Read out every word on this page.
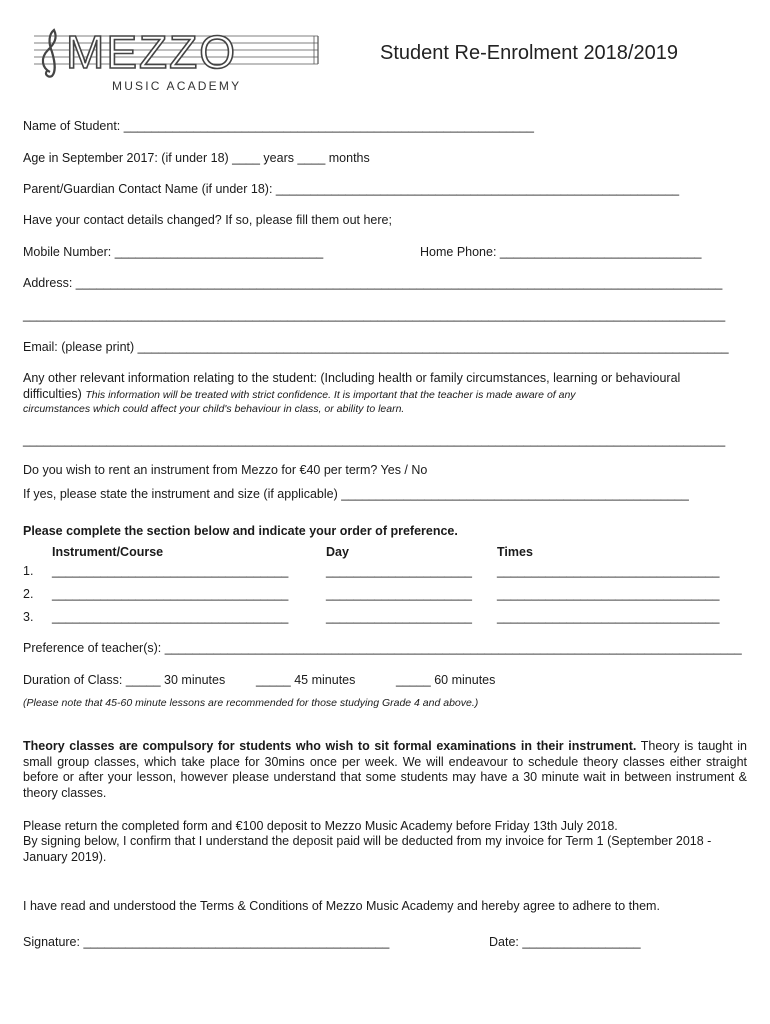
MEZZO
MUSIC ACADEMY
Student Re-Enrolment 2018/2019
Name of Student: ___________________________________________________________
Age in September 2017: (if under 18) ____ years ____ months
Parent/Guardian Contact Name (if under 18): __________________________________________________________
Have your contact details changed? If so, please fill them out here;
Mobile Number: ______________________________	Home Phone: _____________________________
Address: _____________________________________________________________________________________________
_____________________________________________________________________________________________________
Email: (please print) _____________________________________________________________________________________
Any other relevant information relating to the student: (Including health or family circumstances, learning or behavioural
difficulties) This information will be treated with strict confidence. It is important that the teacher is made aware of any
circumstances which could affect your child's behaviour in class, or ability to learn.
_____________________________________________________________________________________________________
Do you wish to rent an instrument from Mezzo for €40 per term? Yes / No
If yes, please state the instrument and size (if applicable) __________________________________________________
Please complete the section below and indicate your order of preference.
Instrument/Course	Day	Times
1. __________________________________	_____________________ ________________________________
2. __________________________________	_____________________ ________________________________
3. __________________________________	_____________________ ________________________________
Preference of teacher(s): ___________________________________________________________________________________
Duration of Class: _____ 30 minutes _____ 45 minutes	_____ 60 minutes
(Please note that 45-60 minute lessons are recommended for those studying Grade 4 and above.)
Theory classes are compulsory for students who wish to sit formal examinations in their instrument. Theory is taught in small group classes, which take place for 30mins once per week. We will endeavour to schedule theory classes either straight before or after your lesson, however please understand that some students may have a 30 minute wait in between instrument & theory classes.
Please return the completed form and €100 deposit to Mezzo Music Academy before Friday 13th July 2018.
By signing below, I confirm that I understand the deposit paid will be deducted from my invoice for Term 1 (September 2018 - January 2019).
I have read and understood the Terms & Conditions of Mezzo Music Academy and hereby agree to adhere to them.
Signature: ____________________________________________	Date: _________________
